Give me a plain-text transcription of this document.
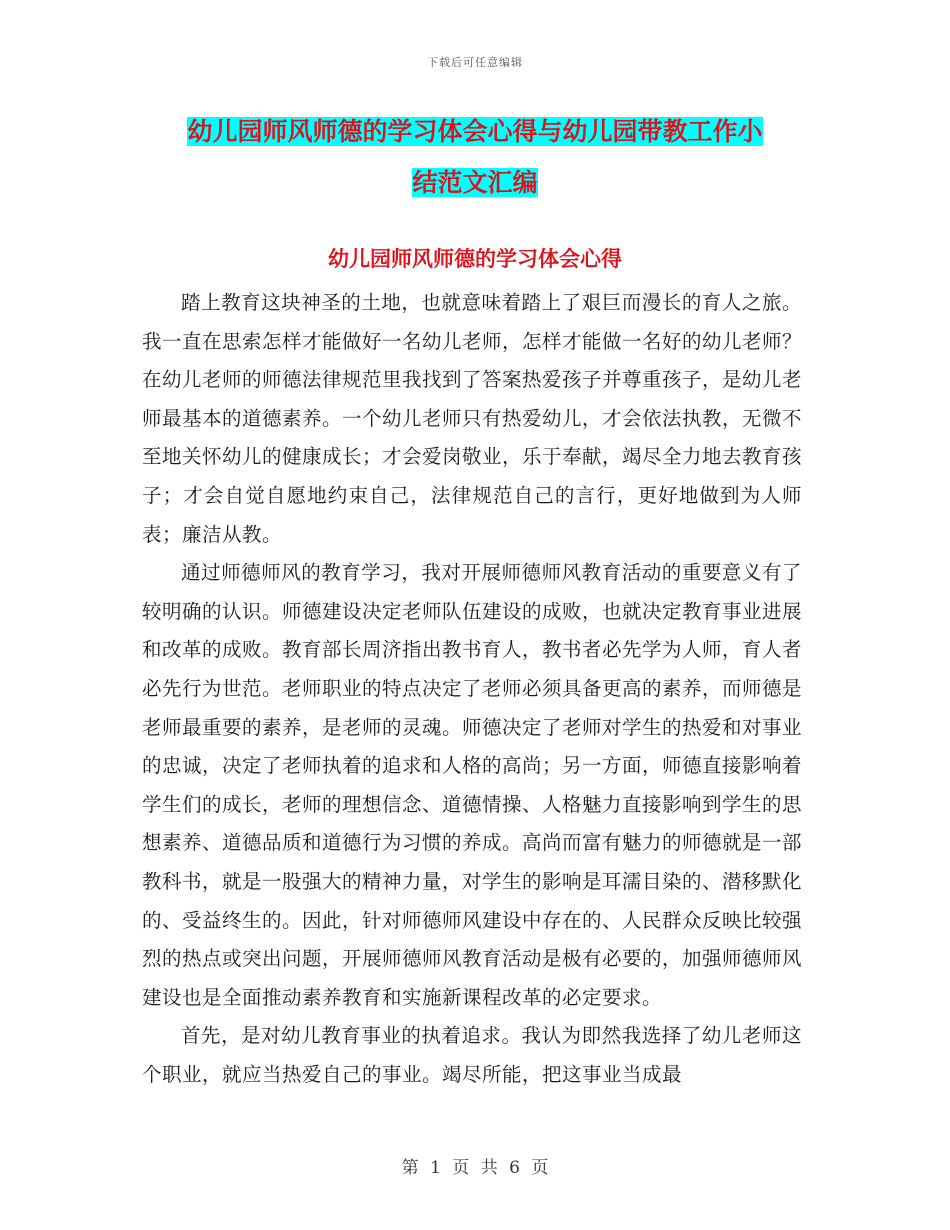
下载后可任意编辑
幼儿园师风师德的学习体会心得与幼儿园带教工作小
结范文汇编
幼儿园师风师德的学习体会心得

踏上教育这块神圣的土地，也就意味着踏上了艰巨而漫长的育人之旅。我一直在思索怎样才能做好一名幼儿老师，怎样才能做一名好的幼儿老师？在幼儿老师的师德法律规范里我找到了答案热爱孩子并尊重孩子，是幼儿老师最基本的道德素养。一个幼儿老师只有热爱幼儿，才会依法执教，无微不至地关怀幼儿的健康成长；才会爱岗敬业，乐于奉献，竭尽全力地去教育孩子；才会自觉自愿地约束自己，法律规范自己的言行，更好地做到为人师表；廉洁从教。

通过师德师风的教育学习，我对开展师德师风教育活动的重要意义有了较明确的认识。师德建设决定老师队伍建设的成败，也就决定教育事业进展和改革的成败。教育部长周济指出教书育人，教书者必先学为人师，育人者必先行为世范。老师职业的特点决定了老师必须具备更高的素养，而师德是老师最重要的素养，是老师的灵魂。师德决定了老师对学生的热爱和对事业的忠诚，决定了老师执着的追求和人格的高尚；另一方面，师德直接影响着学生们的成长，老师的理想信念、道德情操、人格魅力直接影响到学生的思想素养、道德品质和道德行为习惯的养成。高尚而富有魅力的师德就是一部教科书，就是一股强大的精神力量，对学生的影响是耳濡目染的、潜移默化的、受益终生的。因此，针对师德师风建设中存在的、人民群众反映比较强烈的热点或突出问题，开展师德师风教育活动是极有必要的，加强师德师风建设也是全面推动素养教育和实施新课程改革的必定要求。

首先，是对幼儿教育事业的执着追求。我认为即然我选择了幼儿老师这个职业，就应当热爱自己的事业。竭尽所能，把这事业当成最

第 1 页 共 6 页
